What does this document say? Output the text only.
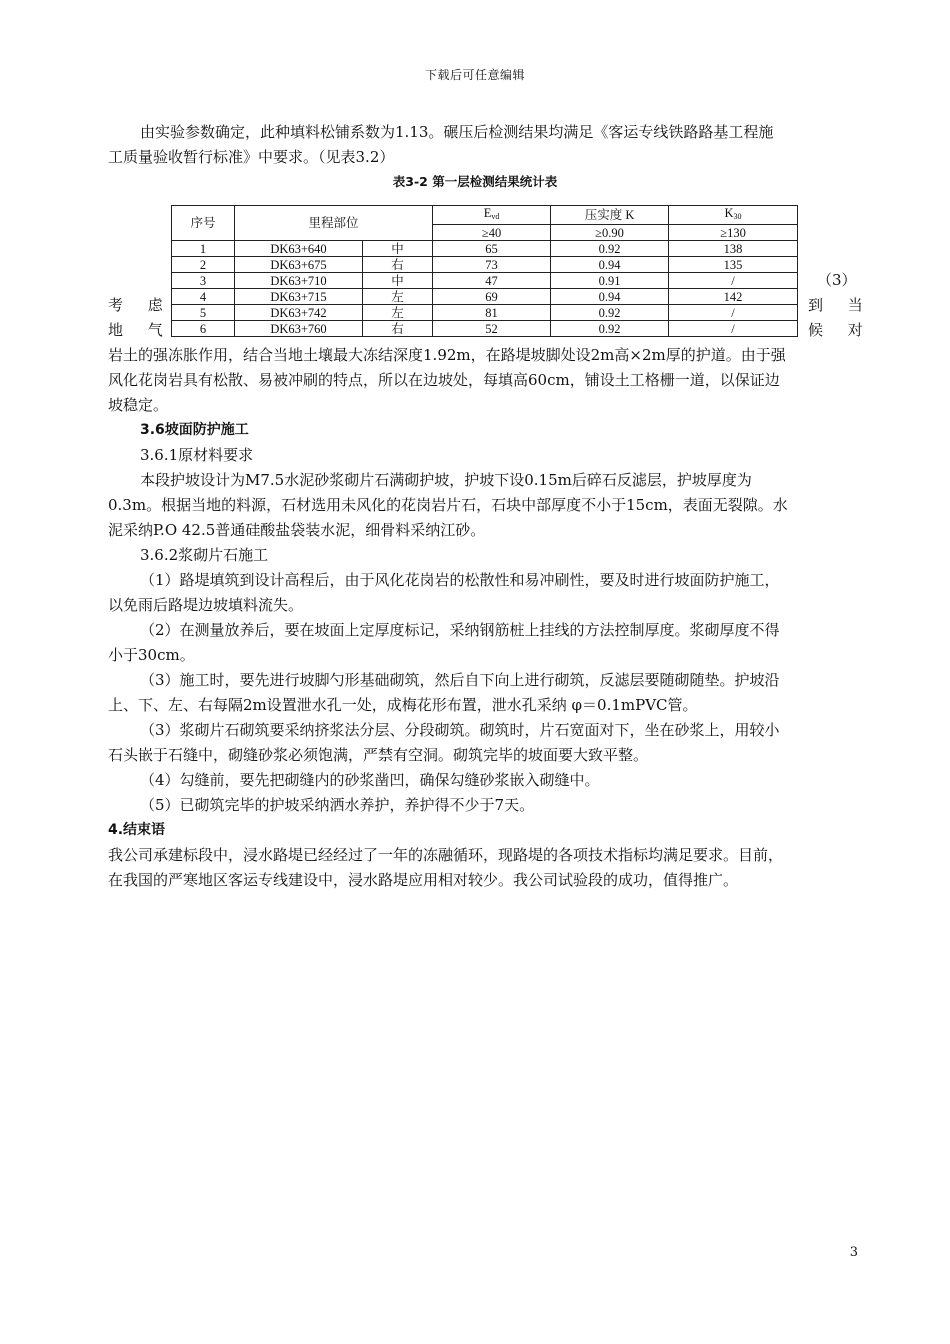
下载后可任意编辑
由实验参数确定，此种填料松铺系数为1.13。碾压后检测结果均满足《客运专线铁路路基工程施
工质量验收暂行标准》中要求。（见表3.2）
表3-2 第一层检测结果统计表
序号	里程部位		$E_{vd}$	压实度 K	$K_{30}$
			≥40	≥0.90	≥130
1	DK63+640	中	65	0.92	138
2	DK63+675	右	73	0.94	135
3	DK63+710	中	47	0.91	/
4	DK63+715	左	69	0.94	142
5	DK63+742	左	81	0.92	/
6	DK63+760	右	52	0.92	/
（3）
考 虑	到 当
地 气	候 对
岩土的强冻胀作用，结合当地土壤最大冻结深度1.92m，在路堤坡脚处设2m高×2m厚的护道。由于强
风化花岗岩具有松散、易被冲刷的特点，所以在边坡处，每填高60cm，铺设土工格栅一道，以保证边
坡稳定。
3.6坡面防护施工
3.6.1原材料要求
本段护坡设计为M7.5水泥砂浆砌片石满砌护坡，护坡下设0.15m后碎石反滤层，护坡厚度为
0.3m。根据当地的料源，石材选用未风化的花岗岩片石，石块中部厚度不小于15cm，表面无裂隙。水
泥采纳P.O 42.5普通硅酸盐袋装水泥，细骨料采纳江砂。
3.6.2浆砌片石施工
（1）路堤填筑到设计高程后，由于风化花岗岩的松散性和易冲刷性，要及时进行坡面防护施工，
以免雨后路堤边坡填料流失。
（2）在测量放养后，要在坡面上定厚度标记，采纳钢筋桩上挂线的方法控制厚度。浆砌厚度不得
小于30cm。
（3）施工时，要先进行坡脚勺形基础砌筑，然后自下向上进行砌筑，反滤层要随砌随垫。护坡沿
上、下、左、右每隔2m设置泄水孔一处，成梅花形布置，泄水孔采纳 φ＝0.1mPVC管。
（3）浆砌片石砌筑要采纳挤浆法分层、分段砌筑。砌筑时，片石宽面对下，坐在砂浆上，用较小
石头嵌于石缝中，砌缝砂浆必须饱满，严禁有空洞。砌筑完毕的坡面要大致平整。
（4）勾缝前，要先把砌缝内的砂浆凿凹，确保勾缝砂浆嵌入砌缝中。
（5）已砌筑完毕的护坡采纳洒水养护，养护得不少于7天。
4.结束语
我公司承建标段中，浸水路堤已经经过了一年的冻融循环，现路堤的各项技术指标均满足要求。目前，
在我国的严寒地区客运专线建设中，浸水路堤应用相对较少。我公司试验段的成功，值得推广。
3
